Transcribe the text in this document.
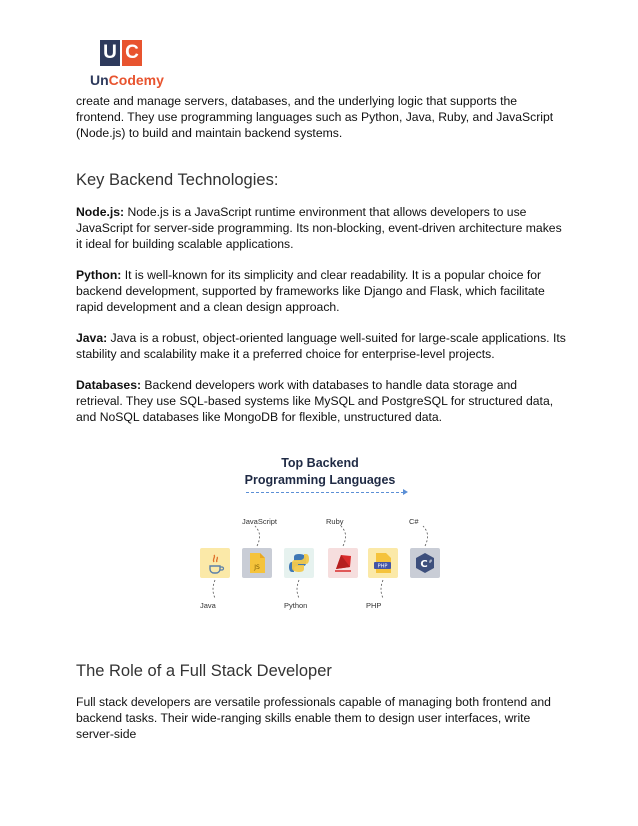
U C
UnCodemy

create and manage servers, databases, and the underlying logic that supports the frontend. They use programming languages such as Python, Java, Ruby, and JavaScript (Node.js) to build and maintain backend systems.

Key Backend Technologies:

Node.js: Node.js is a JavaScript runtime environment that allows developers to use JavaScript for server-side programming. Its non-blocking, event-driven architecture makes it ideal for building scalable applications.

Python: It is well-known for its simplicity and clear readability. It is a popular choice for backend development, supported by frameworks like Django and Flask, which facilitate rapid development and a clean design approach.

Java: Java is a robust, object-oriented language well-suited for large-scale applications. Its stability and scalability make it a preferred choice for enterprise-level projects.

Databases: Backend developers work with databases to handle data storage and retrieval. They use SQL-based systems like MySQL and PostgreSQL for structured data, and NoSQL databases like MongoDB for flexible, unstructured data.

Top Backend
Programming Languages
JS	PHP	C #
JavaScript	Ruby	C#
Java	Python	PHP
The Role of a Full Stack Developer

Full stack developers are versatile professionals capable of managing both frontend and backend tasks. Their wide-ranging skills enable them to design user interfaces, write server-side
